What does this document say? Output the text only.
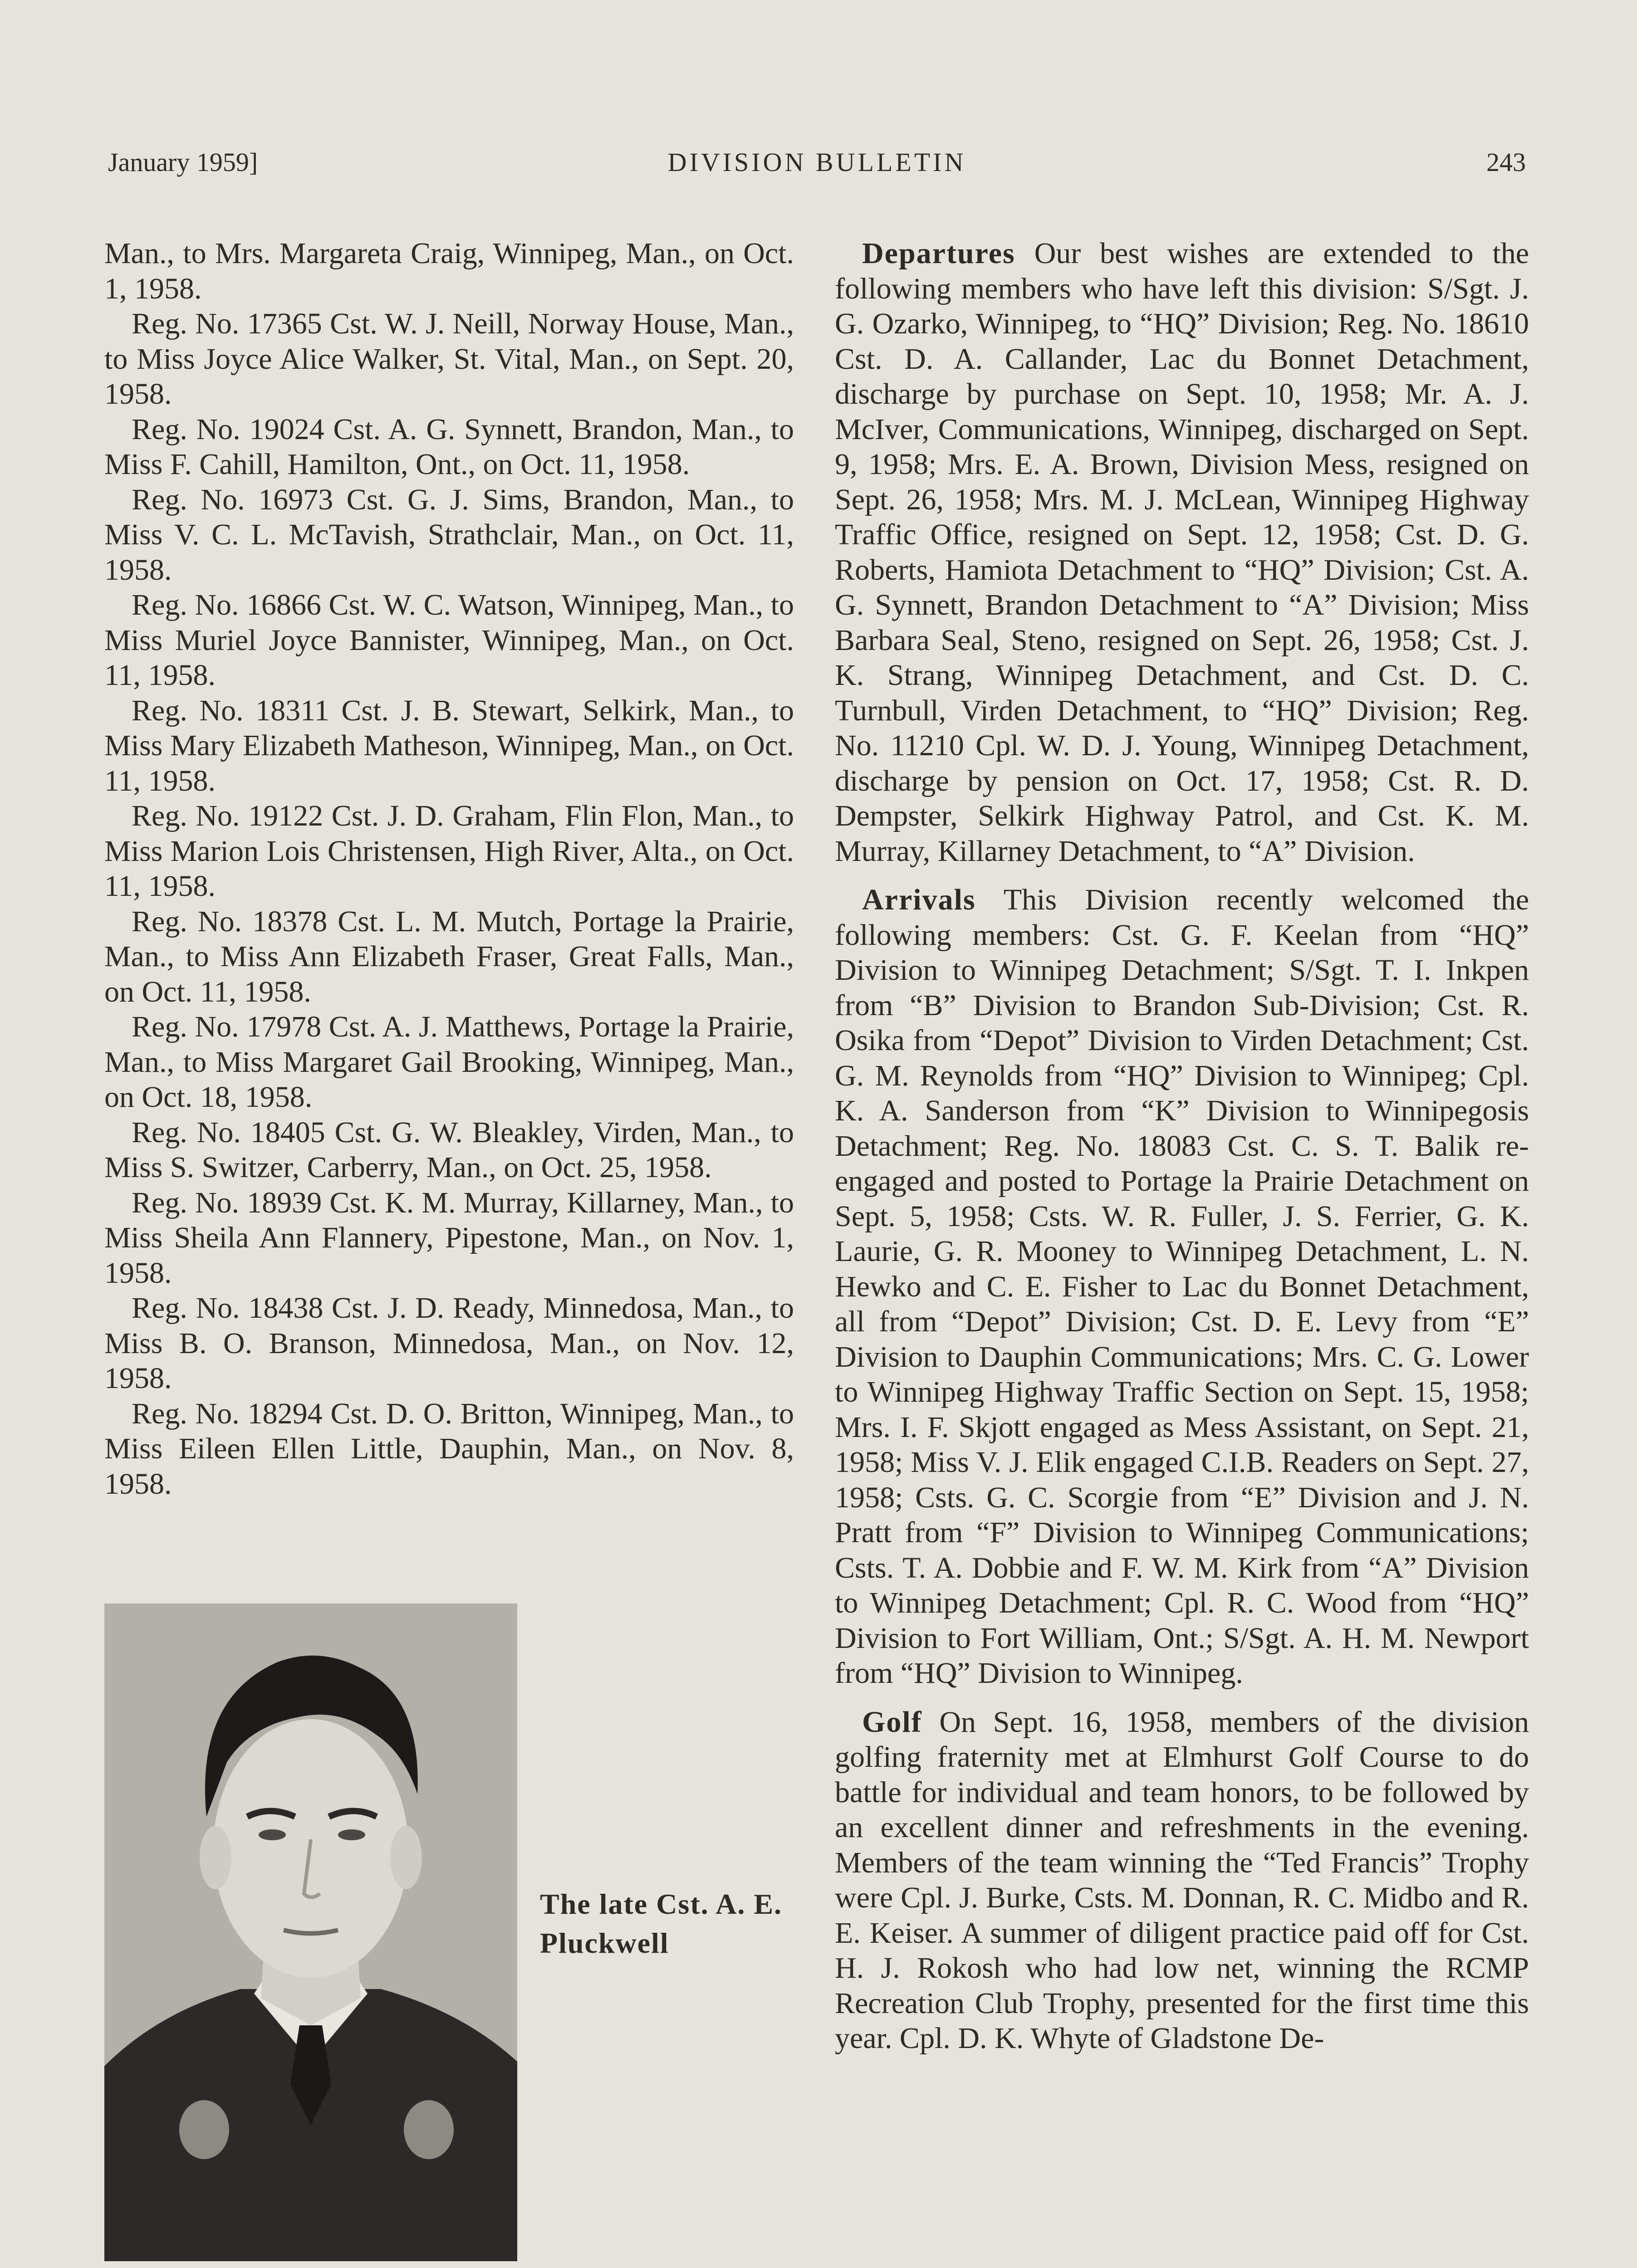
January 1959]	DIVISION BULLETIN	243

Man., to Mrs. Margareta Craig, Winnipeg, Man., on Oct. 1, 1958.

Reg. No. 17365 Cst. W. J. Neill, Norway House, Man., to Miss Joyce Alice Walker, St. Vital, Man., on Sept. 20, 1958.

Reg. No. 19024 Cst. A. G. Synnett, Brandon, Man., to Miss F. Cahill, Hamilton, Ont., on Oct. 11, 1958.

Reg. No. 16973 Cst. G. J. Sims, Brandon, Man., to Miss V. C. L. McTavish, Strathclair, Man., on Oct. 11, 1958.

Reg. No. 16866 Cst. W. C. Watson, Winnipeg, Man., to Miss Muriel Joyce Bannister, Winnipeg, Man., on Oct. 11, 1958.

Reg. No. 18311 Cst. J. B. Stewart, Selkirk, Man., to Miss Mary Elizabeth Matheson, Winnipeg, Man., on Oct. 11, 1958.

Reg. No. 19122 Cst. J. D. Graham, Flin Flon, Man., to Miss Marion Lois Christensen, High River, Alta., on Oct. 11, 1958.

Reg. No. 18378 Cst. L. M. Mutch, Portage la Prairie, Man., to Miss Ann Elizabeth Fraser, Great Falls, Man., on Oct. 11, 1958.

Reg. No. 17978 Cst. A. J. Matthews, Portage la Prairie, Man., to Miss Margaret Gail Brooking, Winnipeg, Man., on Oct. 18, 1958.

Reg. No. 18405 Cst. G. W. Bleakley, Virden, Man., to Miss S. Switzer, Carberry, Man., on Oct. 25, 1958.

Reg. No. 18939 Cst. K. M. Murray, Killarney, Man., to Miss Sheila Ann Flannery, Pipestone, Man., on Nov. 1, 1958.

Reg. No. 18438 Cst. J. D. Ready, Minnedosa, Man., to Miss B. O. Branson, Minnedosa, Man., on Nov. 12, 1958.

Reg. No. 18294 Cst. D. O. Britton, Winnipeg, Man., to Miss Eileen Ellen Little, Dauphin, Man., on Nov. 8, 1958.

The late Cst. A. E. Pluckwell

Departures Our best wishes are extended to the following members who have left this division: S/Sgt. J. G. Ozarko, Winnipeg, to “HQ” Division; Reg. No. 18610 Cst. D. A. Callander, Lac du Bonnet Detachment, discharge by purchase on Sept. 10, 1958; Mr. A. J. McIver, Communications, Winnipeg, discharged on Sept. 9, 1958; Mrs. E. A. Brown, Division Mess, resigned on Sept. 26, 1958; Mrs. M. J. McLean, Winnipeg Highway Traffic Office, resigned on Sept. 12, 1958; Cst. D. G. Roberts, Hamiota Detachment to “HQ” Division; Cst. A. G. Synnett, Brandon Detachment to “A” Division; Miss Barbara Seal, Steno, resigned on Sept. 26, 1958; Cst. J. K. Strang, Winnipeg Detachment, and Cst. D. C. Turnbull, Virden Detachment, to “HQ” Division; Reg. No. 11210 Cpl. W. D. J. Young, Winnipeg Detachment, discharge by pension on Oct. 17, 1958; Cst. R. D. Dempster, Selkirk Highway Patrol, and Cst. K. M. Murray, Killarney Detachment, to “A” Division.

Arrivals This Division recently welcomed the following members: Cst. G. F. Keelan from “HQ” Division to Winnipeg Detachment; S/Sgt. T. I. Inkpen from “B” Division to Brandon Sub-Division; Cst. R. Osika from “Depot” Division to Virden Detachment; Cst. G. M. Reynolds from “HQ” Division to Winnipeg; Cpl. K. A. Sanderson from “K” Division to Winnipegosis Detachment; Reg. No. 18083 Cst. C. S. T. Balik re-engaged and posted to Portage la Prairie Detachment on Sept. 5, 1958; Csts. W. R. Fuller, J. S. Ferrier, G. K. Laurie, G. R. Mooney to Winnipeg Detachment, L. N. Hewko and C. E. Fisher to Lac du Bonnet Detachment, all from “Depot” Division; Cst. D. E. Levy from “E” Division to Dauphin Communications; Mrs. C. G. Lower to Winnipeg Highway Traffic Section on Sept. 15, 1958; Mrs. I. F. Skjott engaged as Mess Assistant, on Sept. 21, 1958; Miss V. J. Elik engaged C.I.B. Readers on Sept. 27, 1958; Csts. G. C. Scorgie from “E” Division and J. N. Pratt from “F” Division to Winnipeg Communications; Csts. T. A. Dobbie and F. W. M. Kirk from “A” Division to Winnipeg Detachment; Cpl. R. C. Wood from “HQ” Division to Fort William, Ont.; S/Sgt. A. H. M. Newport from “HQ” Division to Winnipeg.

Golf On Sept. 16, 1958, members of the division golfing fraternity met at Elmhurst Golf Course to do battle for individual and team honors, to be followed by an excellent dinner and refreshments in the evening. Members of the team winning the “Ted Francis” Trophy were Cpl. J. Burke, Csts. M. Donnan, R. C. Midbo and R. E. Keiser. A summer of diligent practice paid off for Cst. H. J. Rokosh who had low net, winning the RCMP Recreation Club Trophy, presented for the first time this year. Cpl. D. K. Whyte of Gladstone De-
